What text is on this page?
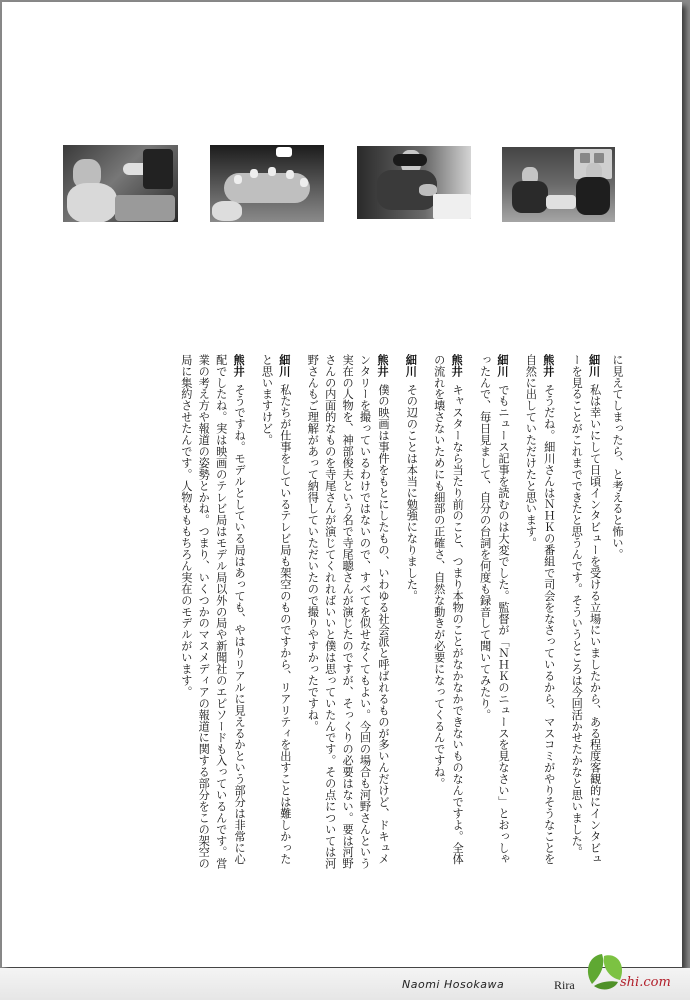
に見えてしまったら、と考えると怖い。

細川私は幸いにして日頃インタビューを受ける立場にいましたから、ある程度客観的にインタビューを見ることがこれまでできたと思うんです。そういうところは今回活かせたかなと思いました。

熊井そうだね。細川さんはＮＨＫの番組で司会をなさっているから、マスコミがやりそうなことを自然に出していただけたと思います。

細川でもニュース記事を読むのは大変でした。監督が「ＮＨＫのニュースを見なさい」とおっしゃったんで、毎日見まして、自分の台詞を何度も録音して聞いてみたり。

熊井キャスターなら当たり前のこと、つまり本物のことがなかなかできないものなんですよ。全体の流れを壊さないためにも細部の正確さ、自然な動きが必要になってくるんですね。

細川その辺のことは本当に勉強になりました。

熊井僕の映画は事件をもとにしたもの、いわゆる社会派と呼ばれるものが多いんだけど、ドキュメンタリーを撮っているわけではないので、すべてを似せなくてもよい。今回の場合も河野さんという実在の人物を、神部俊夫という名で寺尾聰さんが演じたのですが、そっくりの必要はない。要は河野さんの内面的なものを寺尾さんが演じてくれればいいと僕は思っていたんです。その点については河野さんもご理解があって納得していただいたので撮りやすかったですね。

細川私たちが仕事をしているテレビ局も架空のものですから、リアリティを出すことは難しかったと思いますけど。

熊井そうですね。モデルとしている局はあっても、やはりリアルに見えるかという部分は非常に心配でしたね。実は映画のテレビ局はモデル局以外の局や新聞社のエピソードも入っているんです。営業の考え方や報道の姿勢とかね。つまり、いくつかのマスメディアの報道に関する部分をこの架空の局に集約させたんです。人物もももちろん実在のモデルがいます。

Naomi Hosokawa	Rira	shi.com
